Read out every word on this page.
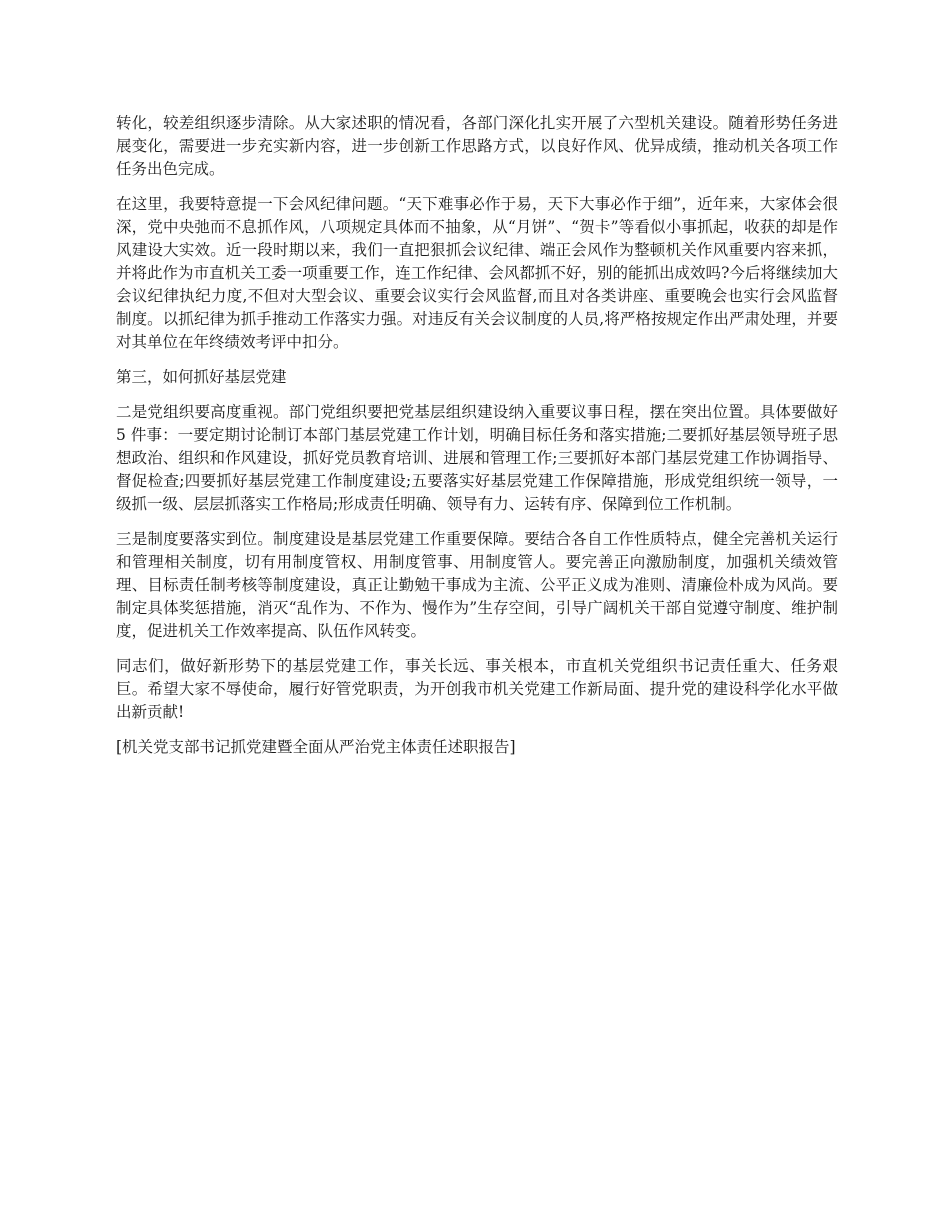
转化，较差组织逐步清除。从大家述职的情况看，各部门深化扎实开展了六型机关建设。随着形势任务进展变化，需要进一步充实新内容，进一步创新工作思路方式，以良好作风、优异成绩，推动机关各项工作任务出色完成。

在这里，我要特意提一下会风纪律问题。“天下难事必作于易，天下大事必作于细”，近年来，大家体会很深，党中央弛而不息抓作风，八项规定具体而不抽象，从“月饼”、“贺卡”等看似小事抓起，收获的却是作风建设大实效。近一段时期以来，我们一直把狠抓会议纪律、端正会风作为整顿机关作风重要内容来抓，并将此作为市直机关工委一项重要工作，连工作纪律、会风都抓不好，别的能抓出成效吗?今后将继续加大会议纪律执纪力度,不但对大型会议、重要会议实行会风监督,而且对各类讲座、重要晚会也实行会风监督制度。以抓纪律为抓手推动工作落实力强。对违反有关会议制度的人员,将严格按规定作出严肃处理，并要对其单位在年终绩效考评中扣分。

第三，如何抓好基层党建

二是党组织要高度重视。部门党组织要把党基层组织建设纳入重要议事日程，摆在突出位置。具体要做好 5 件事：一要定期讨论制订本部门基层党建工作计划，明确目标任务和落实措施;二要抓好基层领导班子思想政治、组织和作风建设，抓好党员教育培训、进展和管理工作;三要抓好本部门基层党建工作协调指导、督促检查;四要抓好基层党建工作制度建设;五要落实好基层党建工作保障措施，形成党组织统一领导，一级抓一级、层层抓落实工作格局;形成责任明确、领导有力、运转有序、保障到位工作机制。

三是制度要落实到位。制度建设是基层党建工作重要保障。要结合各自工作性质特点，健全完善机关运行和管理相关制度，切有用制度管权、用制度管事、用制度管人。要完善正向激励制度，加强机关绩效管理、目标责任制考核等制度建设，真正让勤勉干事成为主流、公平正义成为准则、清廉俭朴成为风尚。要制定具体奖惩措施，消灭“乱作为、不作为、慢作为”生存空间，引导广阔机关干部自觉遵守制度、维护制度，促进机关工作效率提高、队伍作风转变。

同志们，做好新形势下的基层党建工作，事关长远、事关根本，市直机关党组织书记责任重大、任务艰巨。希望大家不辱使命，履行好管党职责，为开创我市机关党建工作新局面、提升党的建设科学化水平做出新贡献!

[机关党支部书记抓党建暨全面从严治党主体责任述职报告]
